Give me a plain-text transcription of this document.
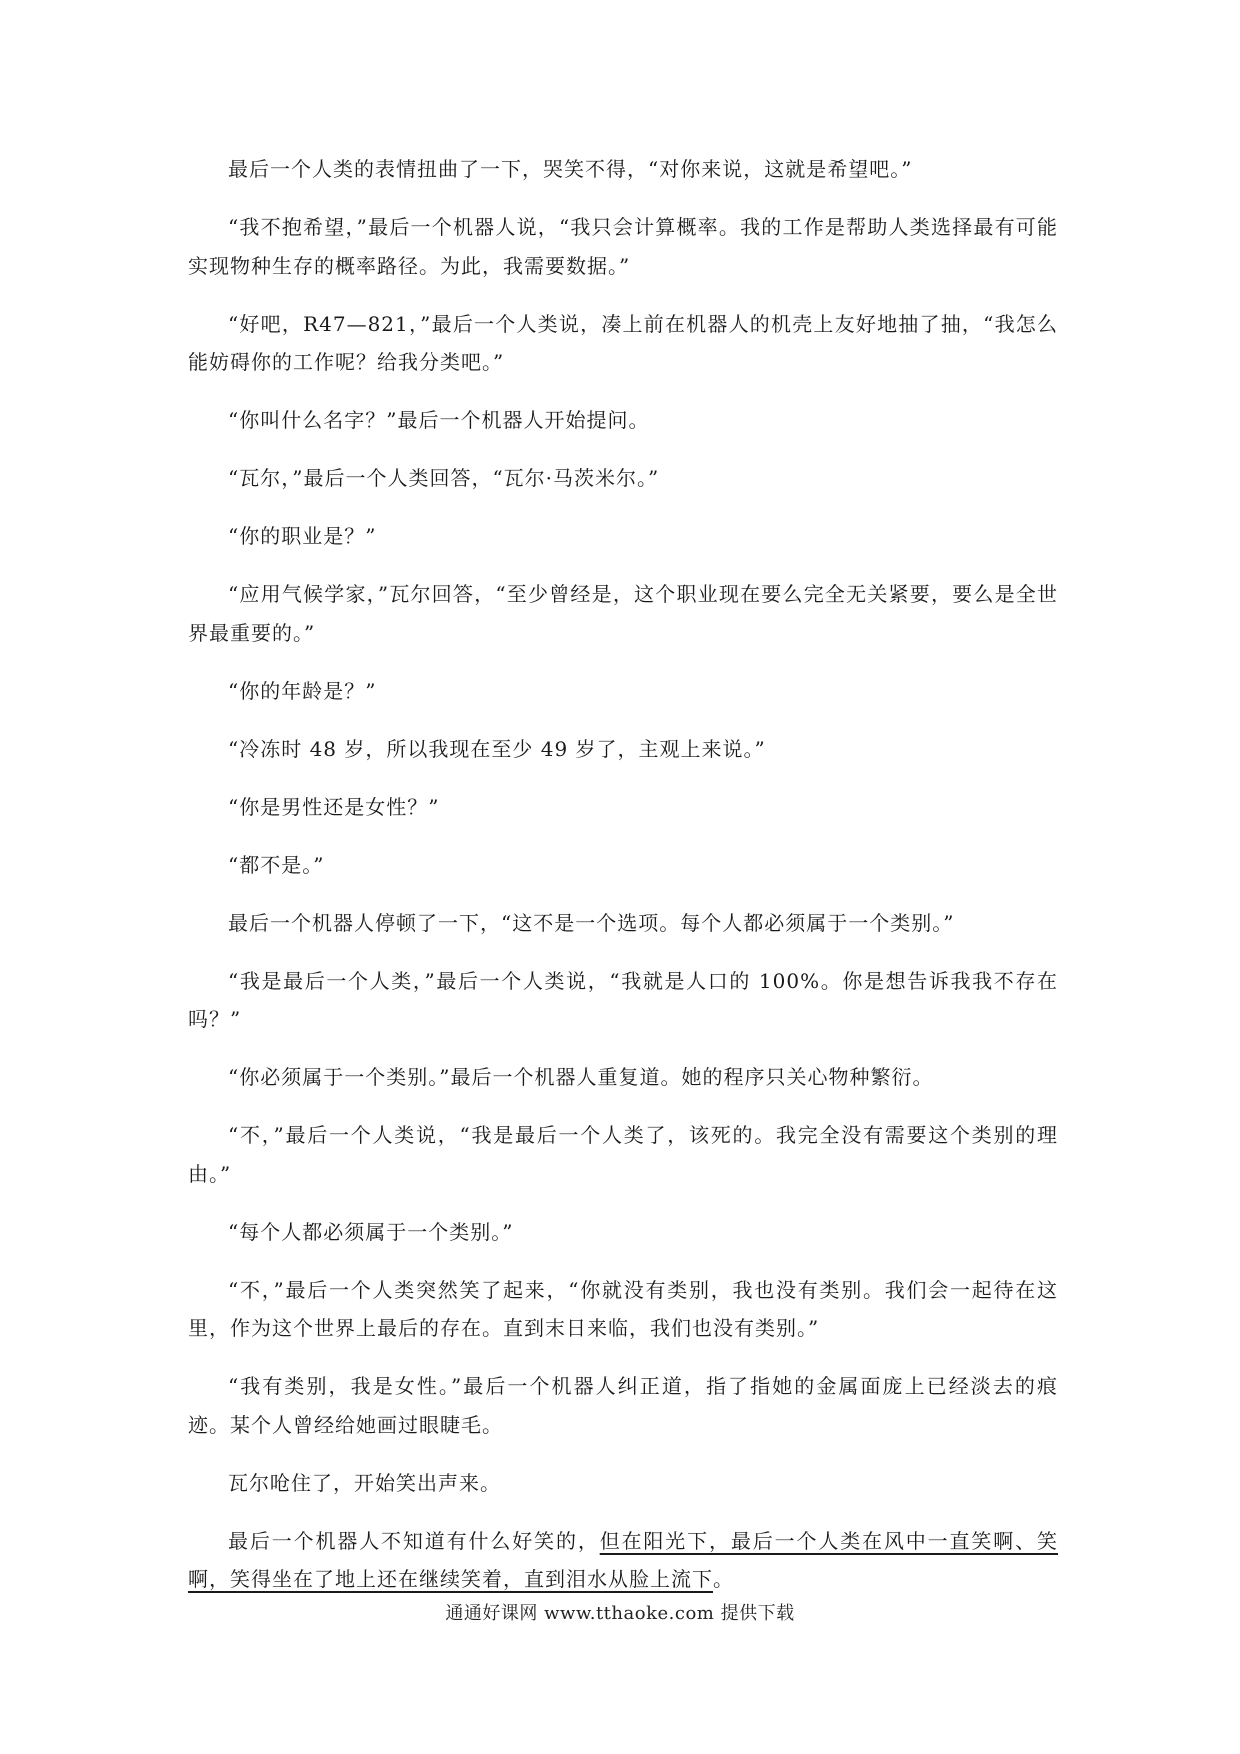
最后一个人类的表情扭曲了一下，哭笑不得，“对你来说，这就是希望吧。”

“我不抱希望，”最后一个机器人说，“我只会计算概率。我的工作是帮助人类选择最有可能实现物种生存的概率路径。为此，我需要数据。”

“好吧，R47—821，”最后一个人类说，凑上前在机器人的机壳上友好地抽了抽，“我怎么能妨碍你的工作呢？给我分类吧。”

“你叫什么名字？”最后一个机器人开始提问。

“瓦尔，”最后一个人类回答，“瓦尔·马茨米尔。”

“你的职业是？”

“应用气候学家，”瓦尔回答，“至少曾经是，这个职业现在要么完全无关紧要，要么是全世界最重要的。”

“你的年龄是？”

“冷冻时 48 岁，所以我现在至少 49 岁了，主观上来说。”

“你是男性还是女性？”

“都不是。”

最后一个机器人停顿了一下，“这不是一个选项。每个人都必须属于一个类别。”

“我是最后一个人类，”最后一个人类说，“我就是人口的 100%。你是想告诉我我不存在吗？”

“你必须属于一个类别。”最后一个机器人重复道。她的程序只关心物种繁衍。

“不，”最后一个人类说，“我是最后一个人类了，该死的。我完全没有需要这个类别的理由。”

“每个人都必须属于一个类别。”

“不，”最后一个人类突然笑了起来，“你就没有类别，我也没有类别。我们会一起待在这里，作为这个世界上最后的存在。直到末日来临，我们也没有类别。”

“我有类别，我是女性。”最后一个机器人纠正道，指了指她的金属面庞上已经淡去的痕迹。某个人曾经给她画过眼睫毛。

瓦尔呛住了，开始笑出声来。

最后一个机器人不知道有什么好笑的，但在阳光下，最后一个人类在风中一直笑啊、笑啊，笑得坐在了地上还在继续笑着，直到泪水从脸上流下。

通通好课网 www.tthaoke.com 提供下载
